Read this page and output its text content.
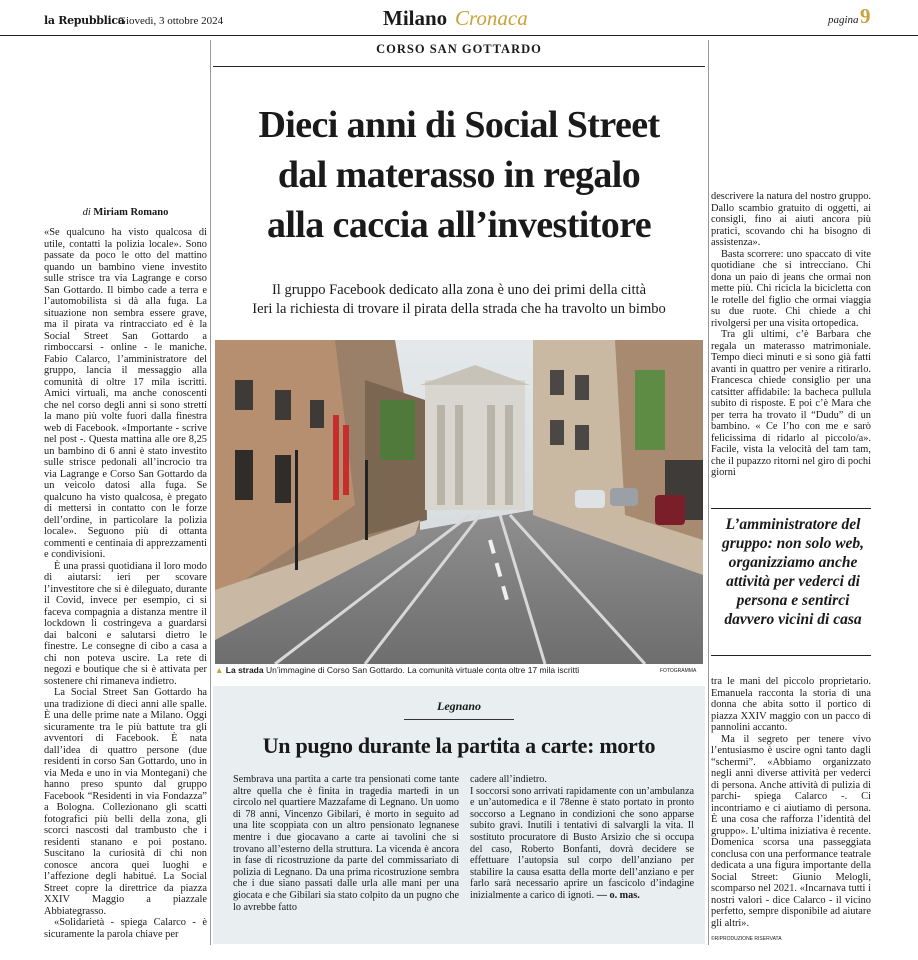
la Repubblica
Giovedì, 3 ottobre 2024	Milano Cronaca	pagina 9
CORSO SAN GOTTARDO
Dieci anni di Social Street
dal materasso in regalo
alla caccia all’investitore
Il gruppo Facebook dedicato alla zona è uno dei primi della città
Ieri la richiesta di trovare il pirata della strada che ha travolto un bimbo
di Miriam Romano

«Se qualcuno ha visto qualcosa di utile, contatti la polizia locale». Sono passate da poco le otto del mattino quando un bambino viene investito sulle strisce tra via Lagrange e corso San Gottardo. Il bimbo cade a terra e l’automobilista si dà alla fuga. La situazione non sembra essere grave, ma il pirata va rintracciato ed è la Social Street San Gottardo a rimboccarsi - online - le maniche. Fabio Calarco, l’amministratore del gruppo, lancia il messaggio alla comunità di oltre 17 mila iscritti. Amici virtuali, ma anche conoscenti che nel corso degli anni si sono stretti la mano più volte fuori dalla finestra web di Facebook. «Importante - scrive nel post -. Questa mattina alle ore 8,25 un bambino di 6 anni è stato investito sulle strisce pedonali all’incrocio tra via Lagrange e Corso San Gottardo da un veicolo datosi alla fuga. Se qualcuno ha visto qualcosa, è pregato di mettersi in contatto con le forze dell’ordine, in particolare la polizia locale». Seguono più di ottanta commenti e centinaia di apprezzamenti e condivisioni.

È una prassi quotidiana il loro modo di aiutarsi: ieri per scovare l’investitore che si è dileguato, durante il Covid, invece per esempio, ci si faceva compagnia a distanza mentre il lockdown li costringeva a guardarsi dai balconi e salutarsi dietro le finestre. Le consegne di cibo a casa a chi non poteva uscire. La rete di negozi e boutique che si è attivata per sostenere chi rimaneva indietro.

La Social Street San Gottardo ha una tradizione di dieci anni alle spalle. È una delle prime nate a Milano. Oggi sicuramente tra le più battute tra gli avventori di Facebook. È nata dall’idea di quattro persone (due residenti in corso San Gottardo, uno in via Meda e uno in via Montegani) che hanno preso spunto dal gruppo Facebook “Residenti in via Fondazza” a Bologna. Collezionano gli scatti fotografici più belli della zona, gli scorci nascosti dal trambusto che i residenti stanano e poi postano. Suscitano la curiosità di chi non conosce ancora quei luoghi e l’affezione degli habitué. La Social Street copre la direttrice da piazza XXIV Maggio a piazzale Abbiategrasso.

«Solidarietà - spiega Calarco - è sicuramente la parola chiave per

▲ La strada Un’immagine di Corso San Gottardo. La comunità virtuale conta oltre 17 mila iscritti	FOTOGRAMMA

descrivere la natura del nostro gruppo. Dallo scambio gratuito di oggetti, ai consigli, fino ai aiuti ancora più pratici, scovando chi ha bisogno di assistenza».

Basta scorrere: uno spaccato di vite quotidiane che si intrecciano. Chi dona un paio di jeans che ormai non mette più. Chi ricicla la bicicletta con le rotelle del figlio che ormai viaggia su due ruote. Chi chiede a chi rivolgersi per una visita ortopedica.

Tra gli ultimi, c’è Barbara che regala un materasso matrimoniale. Tempo dieci minuti e si sono già fatti avanti in quattro per venire a ritirarlo. Francesca chiede consiglio per una catsitter affidabile: la bacheca pullula subito di risposte. E poi c’è Mara che per terra ha trovato il “Dudu” di un bambino. « Ce l’ho con me e sarò felicissima di ridarlo al piccolo/a». Facile, vista la velocità del tam tam, che il pupazzo ritorni nel giro di pochi giorni

L’amministratore del gruppo: non solo web, organizziamo anche attività per vederci di persona e sentirci davvero vicini di casa

tra le mani del piccolo proprietario. Emanuela racconta la storia di una donna che abita sotto il portico di piazza XXIV maggio con un pacco di pannolini accanto.

Ma il segreto per tenere vivo l’entusiasmo è uscire ogni tanto dagli “schermi”. «Abbiamo organizzato negli anni diverse attività per vederci di persona. Anche attività di pulizia di parchi- spiega Calarco -. Ci incontriamo e ci aiutiamo di persona. È una cosa che rafforza l’identità del gruppo». L’ultima iniziativa è recente. Domenica scorsa una passeggiata conclusa con una performance teatrale dedicata a una figura importante della Social Street: Giunio Melogli, scomparso nel 2021. «Incarnava tutti i nostri valori - dice Calarco - il vicino perfetto, sempre disponibile ad aiutare gli altri».

©RIPRODUZIONE RISERVATA
Legnano
Un pugno durante la partita a carte: morto
Sembrava una partita a carte tra pensionati come tante altre quella che è finita in tragedia martedì in un circolo nel quartiere Mazzafame di Legnano. Un uomo di 78 anni, Vincenzo Gibilari, è morto in seguito ad una lite scoppiata con un altro pensionato legnanese mentre i due giocavano a carte ai tavolini che si trovano all’esterno della struttura. La vicenda è ancora in fase di ricostruzione da parte del commissariato di polizia di Legnano. Da una prima ricostruzione sembra che i due siano passati dalle urla alle mani per una giocata e che Gibilari sia stato colpito da un pugno che lo avrebbe fatto
cadere all’indietro.
I soccorsi sono arrivati rapidamente con un’ambulanza e un’automedica e il 78enne è stato portato in pronto soccorso a Legnano in condizioni che sono apparse subito gravi. Inutili i tentativi di salvargli la vita. Il sostituto procuratore di Busto Arsizio che si occupa del caso, Roberto Bonfanti, dovrà decidere se effettuare l’autopsia sul corpo dell’anziano per stabilire la causa esatta della morte dell’anziano e per farlo sarà necessario aprire un fascicolo d’indagine inizialmente a carico di ignoti. — o. mas.
